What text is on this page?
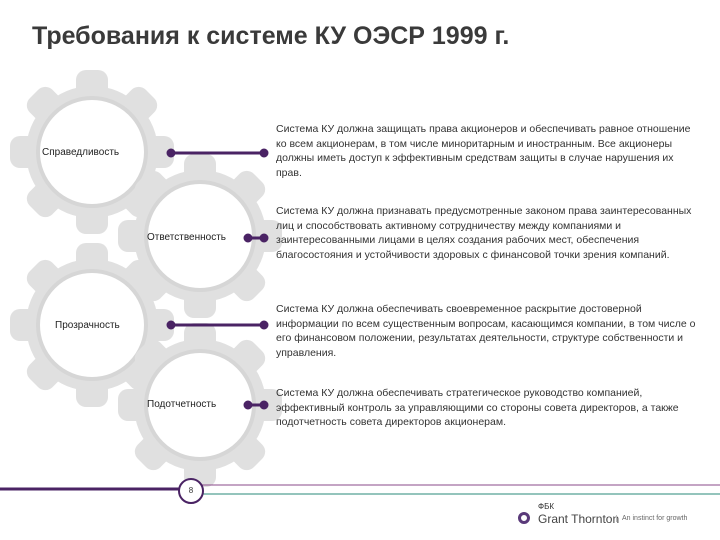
Требования к системе КУ ОЭСР 1999 г.
Справедливость
Ответственность
Прозрачность
Подотчетность
Система КУ должна защищать права акционеров и обеспечивать равное отношение ко всем акционерам, в том числе миноритарным и иностранным. Все акционеры должны иметь доступ к эффективным средствам защиты в случае нарушения их прав.
Система КУ должна признавать предусмотренные законом права заинтересованных лиц и способствовать активному сотрудничеству между компаниями и заинтересованными лицами в целях создания рабочих мест, обеспечения благосостояния и устойчивости здоровых с финансовой точки зрения компаний.
Система КУ должна обеспечивать своевременное раскрытие достоверной информации по всем существенным вопросам, касающимся компании, в том числе о его финансовом положении, результатах деятельности, структуре собственности и управления.
Система КУ должна обеспечивать стратегическое руководство компанией, эффективный контроль за управляющими со стороны совета директоров, а также подотчетность совета директоров акционерам.
8
ФБК
Grant Thornton An instinct for growth
